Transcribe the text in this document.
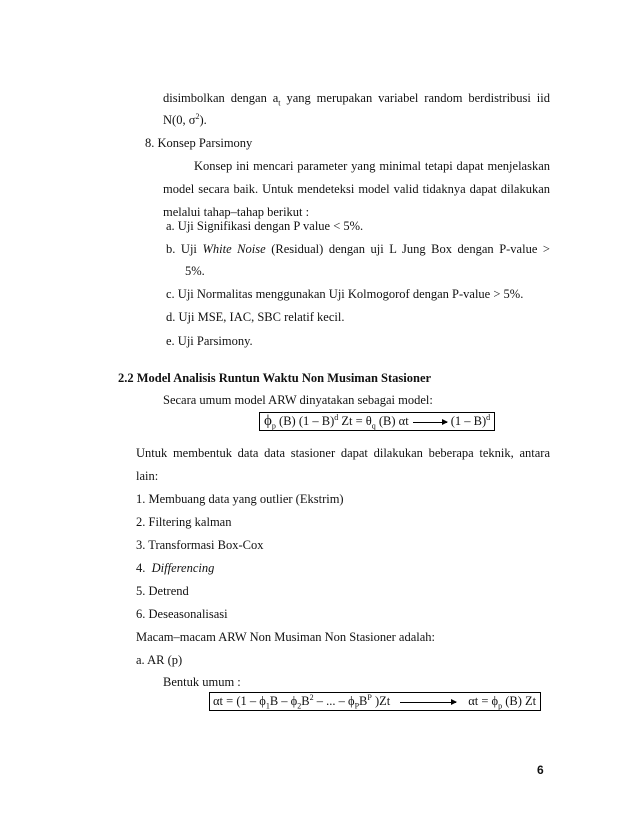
disimbolkan dengan $a_t$ yang merupakan variabel random berdistribusi iid
N(0, $\sigma^2$).
8. Konsep Parsimony
Konsep ini mencari parameter yang minimal tetapi dapat menjelaskan
model secara baik. Untuk mendeteksi model valid tidaknya dapat dilakukan
melalui tahap–tahap berikut :
a. Uji Signifikasi dengan P value < 5%.
b. Uji White Noise (Residual) dengan uji L Jung Box dengan P-value >
5%.
c. Uji Normalitas menggunakan Uji Kolmogorof dengan P-value > 5%.
d. Uji MSE, IAC, SBC relatif kecil.
e. Uji Parsimony.
2.2 Model Analisis Runtun Waktu Non Musiman Stasioner
Secara umum model ARW dinyatakan sebagai model:
$\phi_p$ (B) (1 – B)$^d$ $Zt = \theta_q$ (B) αt	(1 – B)$^d$
Untuk membentuk data data stasioner dapat dilakukan beberapa teknik, antara
lain:
1. Membuang data yang outlier (Ekstrim)
2. Filtering kalman
3. Transformasi Box-Cox
4. Differencing
5. Detrend
6. Deseasonalisasi
Macam–macam ARW Non Musiman Non Stasioner adalah:
a. AR (p)
Bentuk umum :
$\alpha t = (1 - \phi_1B - \phi_2B^2$ – ... – $\phi_PB^P$ )Zt	$\alpha t = \phi_p$ (B) Zt
6
